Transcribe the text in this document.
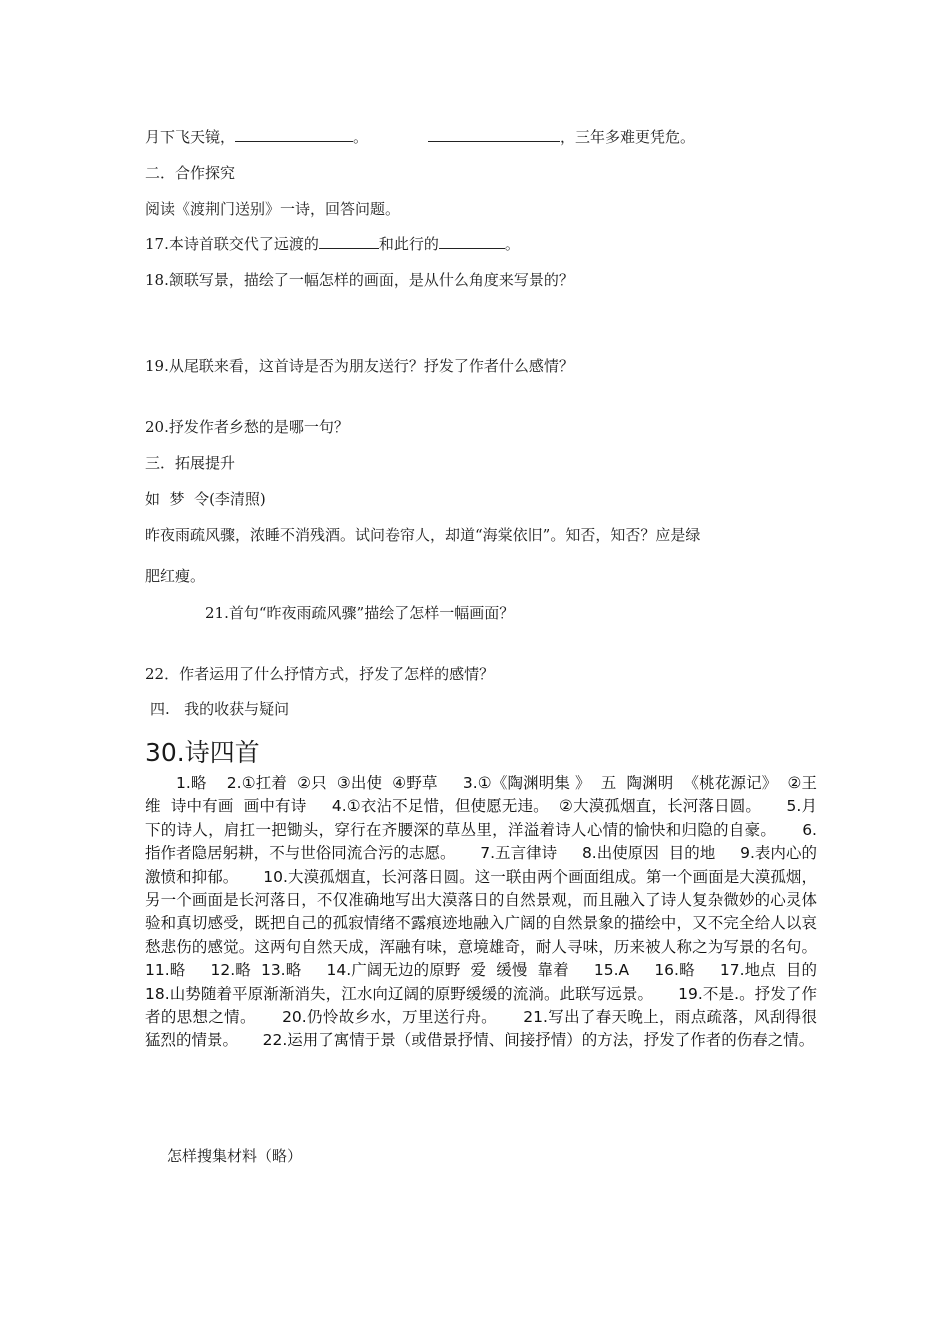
月下飞天镜，	。	，三年多难更凭危。
二．合作探究
阅读《渡荆门送别》一诗，回答问题。
17.本诗首联交代了远渡的	和此行的	。
18.颔联写景，描绘了一幅怎样的画面，是从什么角度来写景的？
19.从尾联来看，这首诗是否为朋友送行？抒发了作者什么感情？
20.抒发作者乡愁的是哪一句？
三．拓展提升
如  梦  令(李清照)
昨夜雨疏风骤，浓睡不消残酒。试问卷帘人，却道“海棠依旧”。知否，知否？应是绿
肥红瘦。
21.首句“昨夜雨疏风骤”描绘了怎样一幅画面？
22．作者运用了什么抒情方式，抒发了怎样的感情？
四.   我的收获与疑问
30.诗四首
1.略    2.①扛着  ②只  ③出使  ④野草     3.①《陶渊明集 》  五  陶渊明  《桃花源记》  ②王维  诗中有画  画中有诗     4.①衣沾不足惜，但使愿无违。  ②大漠孤烟直，长河落日圆。     5.月下的诗人，肩扛一把锄头，穿行在齐腰深的草丛里，洋溢着诗人心情的愉快和归隐的自豪。     6.指作者隐居躬耕，不与世俗同流合污的志愿。     7.五言律诗     8.出使原因  目的地     9.表内心的激愤和抑郁。     10.大漠孤烟直，长河落日圆。这一联由两个画面组成。第一个画面是大漠孤烟，另一个画面是长河落日，不仅准确地写出大漠落日的自然景观，而且融入了诗人复杂微妙的心灵体验和真切感受，既把自己的孤寂情绪不露痕迹地融入广阔的自然景象的描绘中，又不完全给人以哀愁悲伤的感觉。这两句自然天成，浑融有味，意境雄奇，耐人寻味，历来被人称之为写景的名句。     11.略     12.略  13.略     14.广阔无边的原野  爱  缓慢  靠着     15.A     16.略     17.地点  目的  18.山势随着平原渐渐消失，江水向辽阔的原野缓缓的流淌。此联写远景。     19.不是.。抒发了作者的思想之情。     20.仍怜故乡水，万里送行舟。     21.写出了春天晚上，雨点疏落，风刮得很猛烈的情景。     22.运用了寓情于景（或借景抒情、间接抒情）的方法，抒发了作者的伤春之情。
怎样搜集材料（略）
